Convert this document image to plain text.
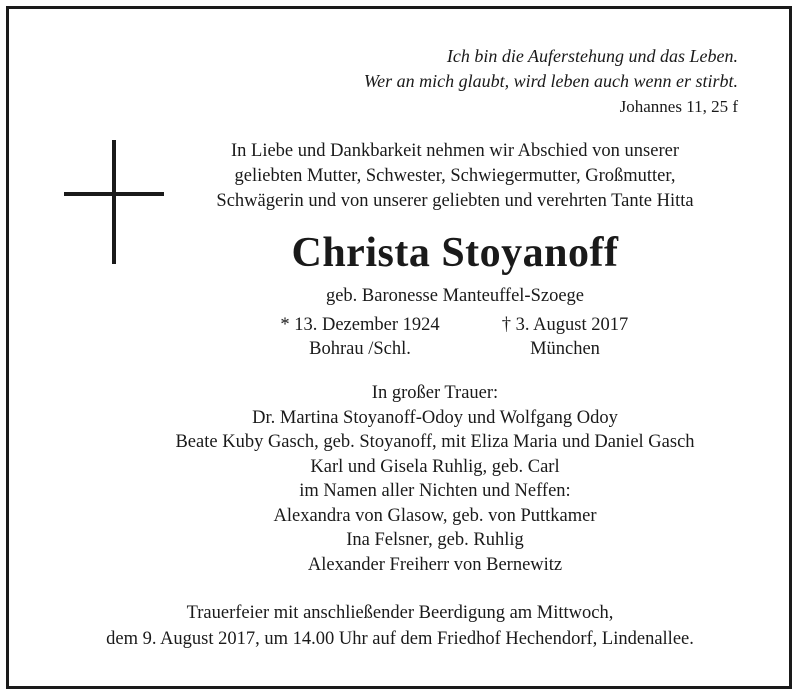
Ich bin die Auferstehung und das Leben.
Wer an mich glaubt, wird leben auch wenn er stirbt.
Johannes 11, 25 f
In Liebe und Dankbarkeit nehmen wir Abschied von unserer
geliebten Mutter, Schwester, Schwiegermutter, Großmutter,
Schwägerin und von unserer geliebten und verehrten Tante Hitta
Christa Stoyanoff
geb. Baronesse Manteuffel-Szoege
* 13. Dezember 1924
Bohrau /Schl.
† 3. August 2017
München
In großer Trauer:
Dr. Martina Stoyanoff-Odoy und Wolfgang Odoy
Beate Kuby Gasch, geb. Stoyanoff, mit Eliza Maria und Daniel Gasch
Karl und Gisela Ruhlig, geb. Carl
im Namen aller Nichten und Neffen:
Alexandra von Glasow, geb. von Puttkamer
Ina Felsner, geb. Ruhlig
Alexander Freiherr von Bernewitz
Trauerfeier mit anschließender Beerdigung am Mittwoch,
dem 9. August 2017, um 14.00 Uhr auf dem Friedhof Hechendorf, Lindenallee.
